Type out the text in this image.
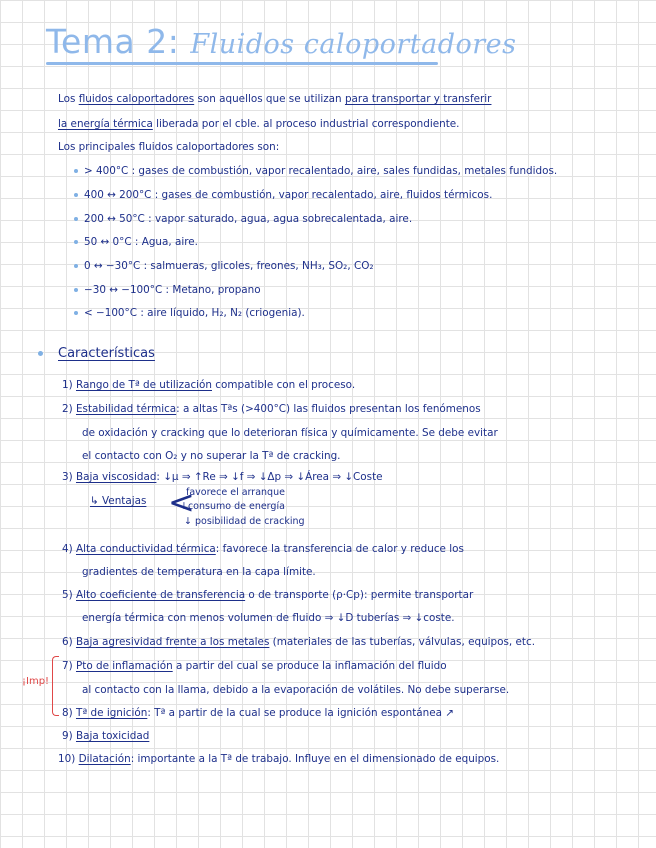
Tema 2: Fluidos caloportadores
Los fluidos caloportadores son aquellos que se utilizan para transportar y transferir
la energía térmica liberada por el cble. al proceso industrial correspondiente.
Los principales fluidos caloportadores son:
> 400°C : gases de combustión, vapor recalentado, aire, sales fundidas, metales fundidos.
400 ↔ 200°C : gases de combustión, vapor recalentado, aire, fluidos térmicos.
200 ↔ 50°C : vapor saturado, agua, agua sobrecalentada, aire.
50 ↔ 0°C : Agua, aire.
0 ↔ −30°C : salmueras, glicoles, freones, NH₃, SO₂, CO₂
−30 ↔ −100°C : Metano, propano
< −100°C : aire líquido, H₂, N₂ (criogenia).
Características
1) Rango de Tª de utilización compatible con el proceso.
2) Estabilidad térmica: a altas Tªs (>400°C) las fluidos presentan los fenómenos
de oxidación y cracking que lo deterioran física y químicamente. Se debe evitar
el contacto con O₂ y no superar la Tª de cracking.
3) Baja viscosidad: ↓μ ⇒ ↑Re ⇒ ↓f ⇒ ↓Δp ⇒ ↓Área ⇒ ↓Coste
↳ Ventajas <
favorece el arranque
↓consumo de energía
↓ posibilidad de cracking
4) Alta conductividad térmica: favorece la transferencia de calor y reduce los
gradientes de temperatura en la capa límite.
5) Alto coeficiente de transferencia o de transporte (ρ·Cp): permite transportar
energía térmica con menos volumen de fluido ⇒ ↓D tuberías ⇒ ↓coste.
6) Baja agresividad frente a los metales (materiales de las tuberías, válvulas, equipos, etc.
¡Imp!
7) Pto de inflamación a partir del cual se produce la inflamación del fluido
al contacto con la llama, debido a la evaporación de volátiles. No debe superarse.
8) Tª de ignición: Tª a partir de la cual se produce la ignición espontánea ↗
9) Baja toxicidad
10) Dilatación: importante a la Tª de trabajo. Influye en el dimensionado de equipos.
